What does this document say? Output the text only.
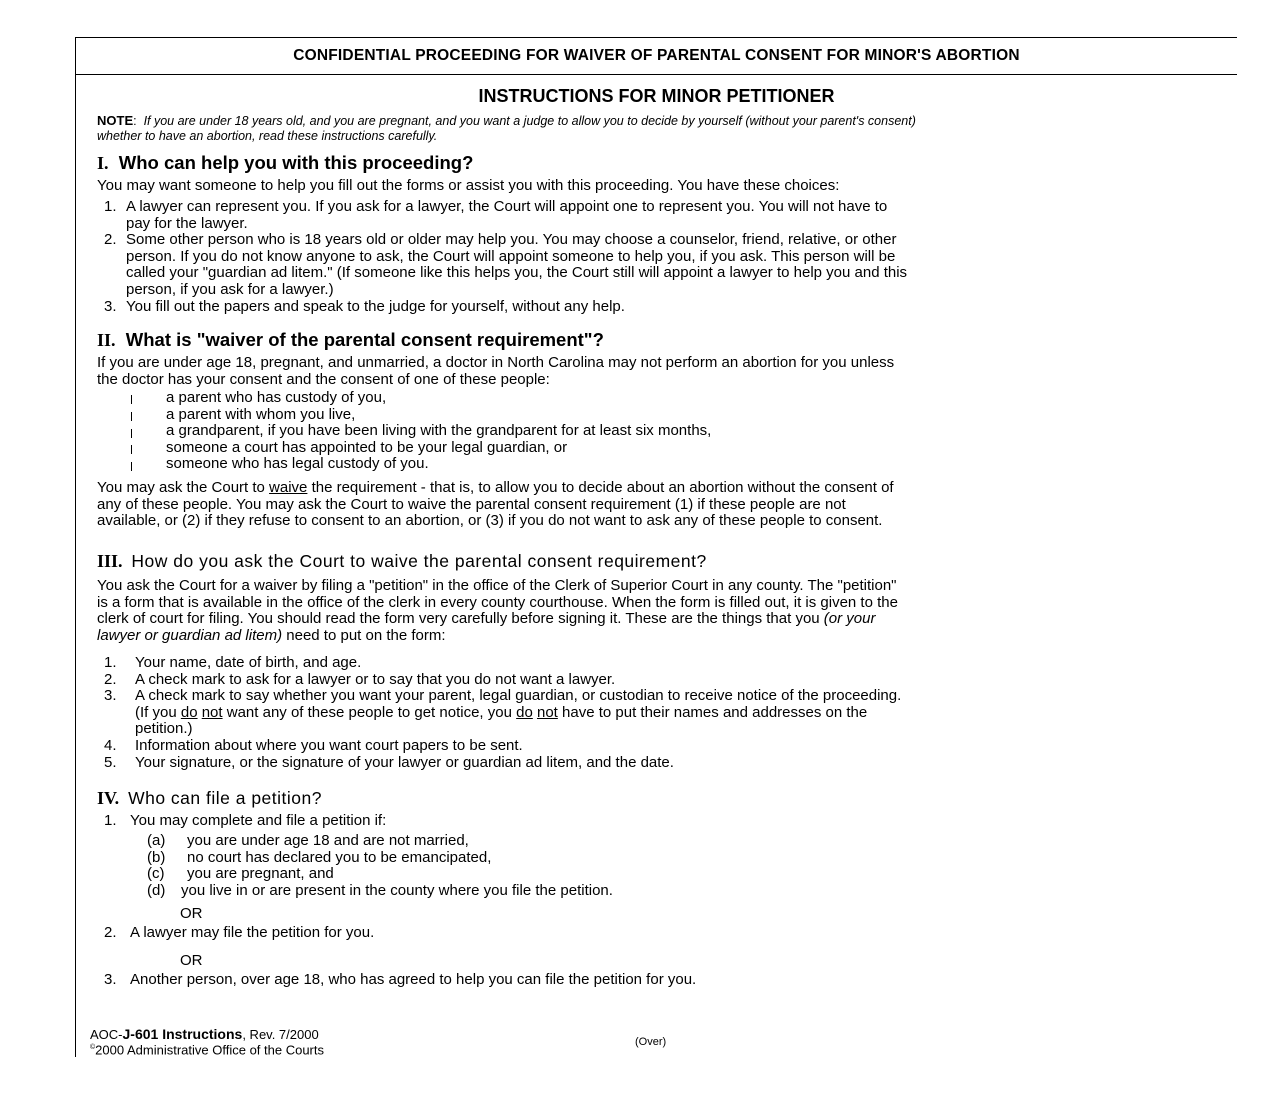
CONFIDENTIAL PROCEEDING FOR WAIVER OF PARENTAL CONSENT FOR MINOR'S ABORTION
INSTRUCTIONS FOR MINOR PETITIONER
NOTE: If you are under 18 years old, and you are pregnant, and you want a judge to allow you to decide by yourself (without your parent's consent)
whether to have an abortion, read these instructions carefully.
I. Who can help you with this proceeding?
You may want someone to help you fill out the forms or assist you with this proceeding. You have these choices:
1. A lawyer can represent you. If you ask for a lawyer, the Court will appoint one to represent you. You will not have to
pay for the lawyer.
2. Some other person who is 18 years old or older may help you. You may choose a counselor, friend, relative, or other
person. If you do not know anyone to ask, the Court will appoint someone to help you, if you ask. This person will be
called your "guardian ad litem." (If someone like this helps you, the Court still will appoint a lawyer to help you and this
person, if you ask for a lawyer.)
3. You fill out the papers and speak to the judge for yourself, without any help.
II. What is "waiver of the parental consent requirement"?
If you are under age 18, pregnant, and unmarried, a doctor in North Carolina may not perform an abortion for you unless
the doctor has your consent and the consent of one of these people:
a parent who has custody of you,
a parent with whom you live,
a grandparent, if you have been living with the grandparent for at least six months,
someone a court has appointed to be your legal guardian, or
someone who has legal custody of you.
You may ask the Court to waive the requirement - that is, to allow you to decide about an abortion without the consent of
any of these people. You may ask the Court to waive the parental consent requirement (1) if these people are not
available, or (2) if they refuse to consent to an abortion, or (3) if you do not want to ask any of these people to consent.
III. How do you ask the Court to waive the parental consent requirement?
You ask the Court for a waiver by filing a "petition" in the office of the Clerk of Superior Court in any county. The "petition"
is a form that is available in the office of the clerk in every county courthouse. When the form is filled out, it is given to the
clerk of court for filing. You should read the form very carefully before signing it. These are the things that you (or your
lawyer or guardian ad litem) need to put on the form:
1.	Your name, date of birth, and age.
2.	A check mark to ask for a lawyer or to say that you do not want a lawyer.
3.	A check mark to say whether you want your parent, legal guardian, or custodian to receive notice of the proceeding.
(If you do not want any of these people to get notice, you do not have to put their names and addresses on the
petition.)
4.	Information about where you want court papers to be sent.
5.	Your signature, or the signature of your lawyer or guardian ad litem, and the date.
IV. Who can file a petition?
1. You may complete and file a petition if:
(a) you are under age 18 and are not married,
(b) no court has declared you to be emancipated,
(c) you are pregnant, and
(d) you live in or are present in the county where you file the petition.
OR
2. A lawyer may file the petition for you.
OR
3. Another person, over age 18, who has agreed to help you can file the petition for you.
AOC-J-601 Instructions, Rev. 7/2000
©2000 Administrative Office of the Courts
(Over)
